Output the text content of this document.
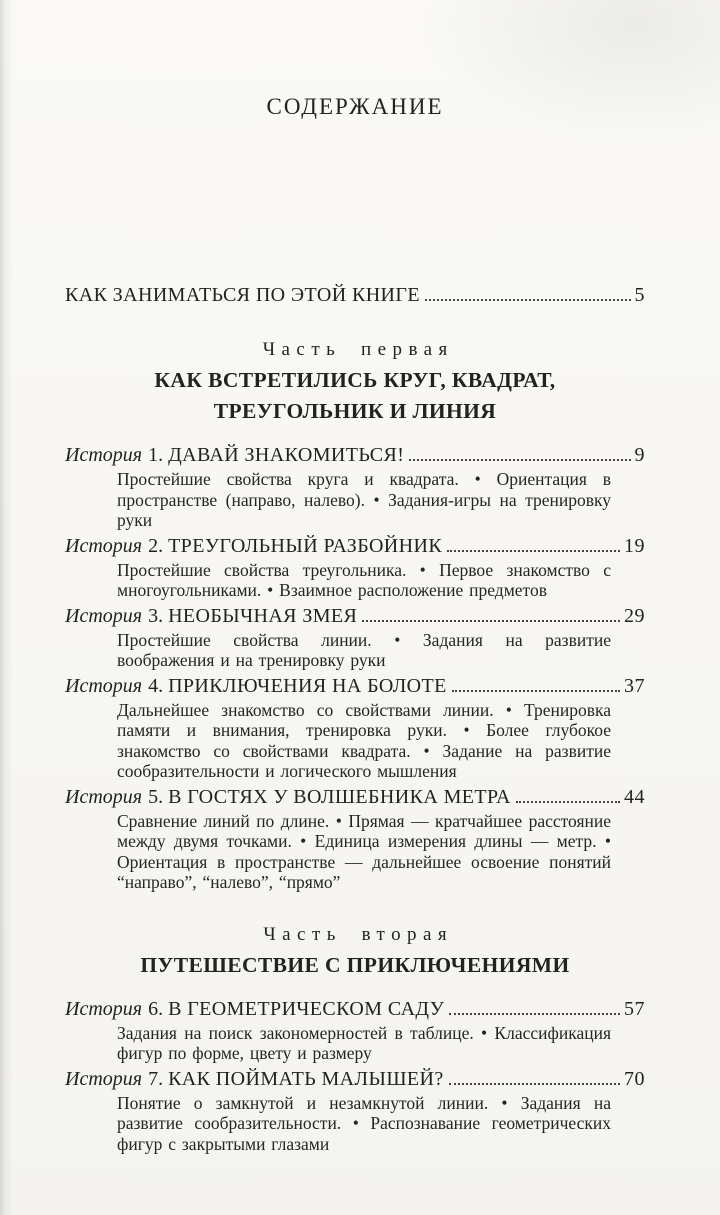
СОДЕРЖАНИЕ
КАК ЗАНИМАТЬСЯ ПО ЭТОЙ КНИГЕ	5
Часть первая
КАК ВСТРЕТИЛИСЬ КРУГ, КВАДРАТ,
ТРЕУГОЛЬНИК И ЛИНИЯ
История 1. ДАВАЙ ЗНАКОМИТЬСЯ!	9

Простейшие свойства круга и квадрата. • Ориентация в пространстве (направо, налево). • Задания-игры на тренировку руки

История 2. ТРЕУГОЛЬНЫЙ РАЗБОЙНИК	19

Простейшие свойства треугольника. • Первое знакомство с многоугольниками. • Взаимное расположение предметов

История 3. НЕОБЫЧНАЯ ЗМЕЯ	29

Простейшие свойства линии. • Задания на развитие воображения и на тренировку руки

История 4. ПРИКЛЮЧЕНИЯ НА БОЛОТЕ	37

Дальнейшее знакомство со свойствами линии. • Тренировка памяти и внимания, тренировка руки. • Более глубокое знакомство со свойствами квадрата. • Задание на развитие сообразительности и логического мышления

История 5. В ГОСТЯХ У ВОЛШЕБНИКА МЕТРА	44

Сравнение линий по длине. • Прямая — кратчайшее расстояние между двумя точками. • Единица измерения длины — метр. • Ориентация в пространстве — дальнейшее освоение понятий “направо”, “налево”, “прямо”

Часть вторая
ПУТЕШЕСТВИЕ С ПРИКЛЮЧЕНИЯМИ
История 6. В ГЕОМЕТРИЧЕСКОМ САДУ	57

Задания на поиск закономерностей в таблице. • Классификация фигур по форме, цвету и размеру

История 7. КАК ПОЙМАТЬ МАЛЫШЕЙ?	70

Понятие о замкнутой и незамкнутой линии. • Задания на развитие сообразительности. • Распознавание геометрических фигур с закрытыми глазами
